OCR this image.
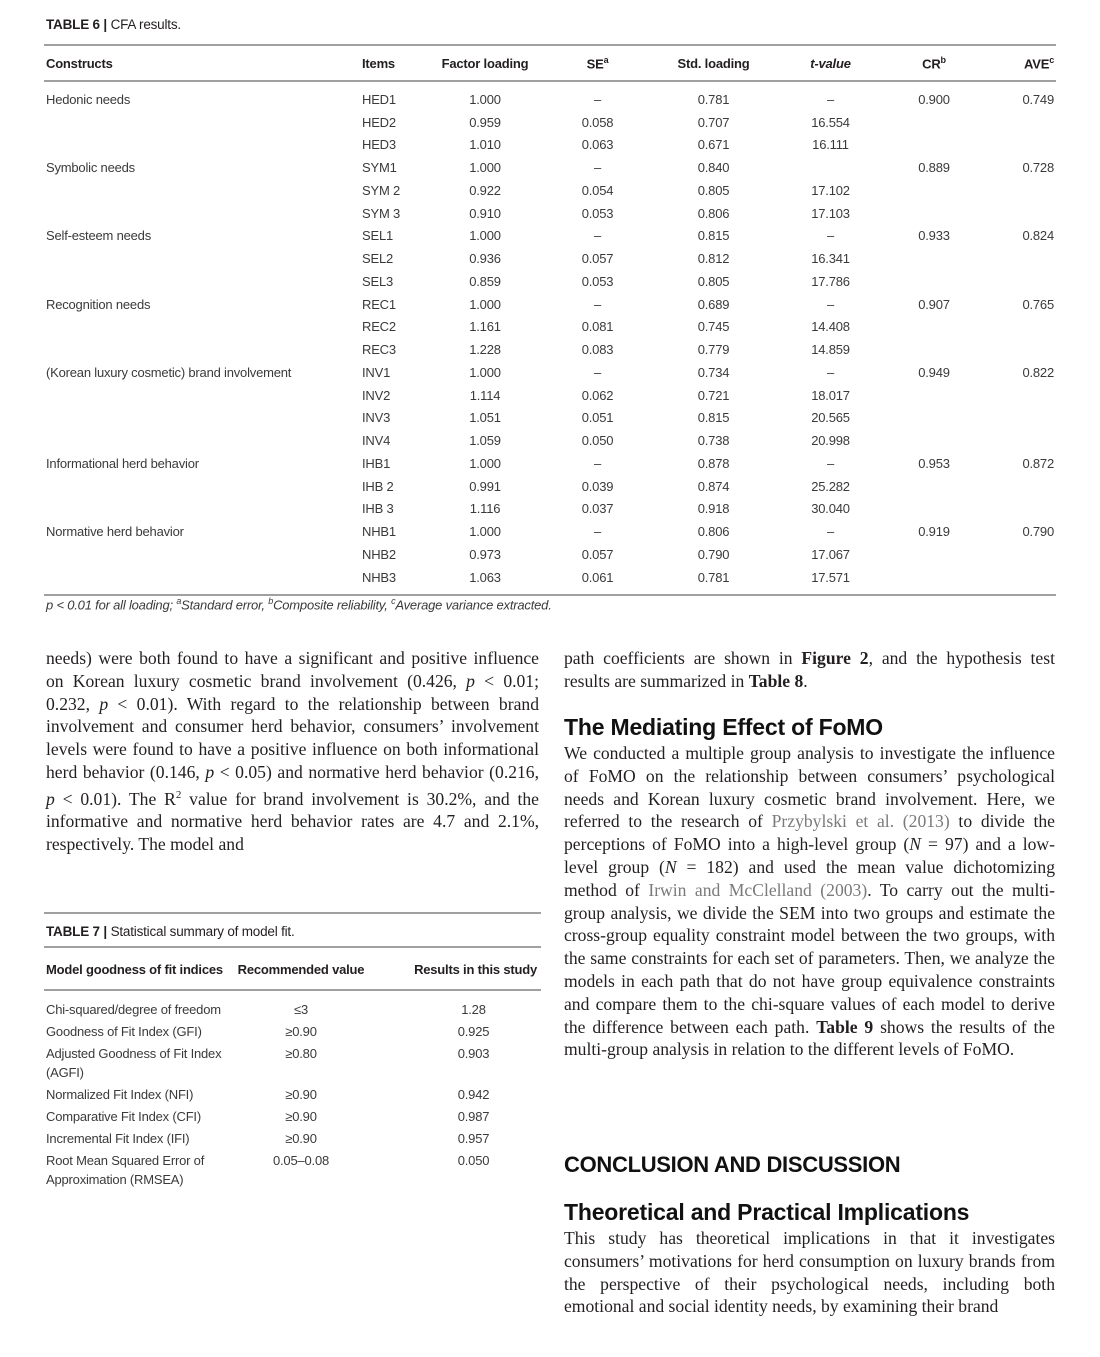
TABLE 6 | CFA results.
Constructs	Items	Factor loading	$SE^a$	Std. loading	t-value	$CR^b$	AVE$^c$
Hedonic needs	HED1	1.000	–	0.781	–	0.900	0.749
	HED2	0.959	0.058	0.707	16.554		
	HED3	1.010	0.063	0.671	16.111		
Symbolic needs	SYM1	1.000	–	0.840		0.889	0.728
	SYM 2	0.922	0.054	0.805	17.102		
	SYM 3	0.910	0.053	0.806	17.103		
Self-esteem needs	SEL1	1.000	–	0.815	–	0.933	0.824
	SEL2	0.936	0.057	0.812	16.341		
	SEL3	0.859	0.053	0.805	17.786		
Recognition needs	REC1	1.000	–	0.689	–	0.907	0.765
	REC2	1.161	0.081	0.745	14.408		
	REC3	1.228	0.083	0.779	14.859		
(Korean luxury cosmetic) brand involvement	INV1	1.000	–	0.734	–	0.949	0.822
	INV2	1.114	0.062	0.721	18.017		
	INV3	1.051	0.051	0.815	20.565		
	INV4	1.059	0.050	0.738	20.998		
Informational herd behavior	IHB1	1.000	–	0.878	–	0.953	0.872
	IHB 2	0.991	0.039	0.874	25.282		
	IHB 3	1.116	0.037	0.918	30.040		
Normative herd behavior	NHB1	1.000	–	0.806	–	0.919	0.790
	NHB2	0.973	0.057	0.790	17.067		
	NHB3	1.063	0.061	0.781	17.571		
p < 0.01 for all loading; $^a$Standard error, $^b$Composite reliability, $^c$Average variance extracted.
needs) were both found to have a significant and positive influence on Korean luxury cosmetic brand involvement (0.426, p < 0.01; 0.232, p < 0.01). With regard to the relationship between brand involvement and consumer herd behavior, consumers’ involvement levels were found to have a positive influence on both informational herd behavior (0.146, p < 0.05) and normative herd behavior (0.216, p < 0.01). The $R^2$ value for brand involvement is 30.2%, and the informative and normative herd behavior rates are 4.7 and 2.1%, respectively. The model and
TABLE 7 | Statistical summary of model fit.
Model goodness of fit indices	Recommended value	Results in this study
Chi-squared/degree of freedom	≤3	1.28
Goodness of Fit Index (GFI)	≥0.90	0.925
Adjusted Goodness of Fit Index (AGFI)	≥0.80	0.903
Normalized Fit Index (NFI)	≥0.90	0.942
Comparative Fit Index (CFI)	≥0.90	0.987
Incremental Fit Index (IFI)	≥0.90	0.957
Root Mean Squared Error of Approximation (RMSEA)	0.05–0.08	0.050
path coefficients are shown in Figure 2, and the hypothesis test results are summarized in Table 8.
The Mediating Effect of FoMO
We conducted a multiple group analysis to investigate the influence of FoMO on the relationship between consumers’ psychological needs and Korean luxury cosmetic brand involvement. Here, we referred to the research of Przybylski et al. (2013) to divide the perceptions of FoMO into a high-level group (N = 97) and a low-level group (N = 182) and used the mean value dichotomizing method of Irwin and McClelland (2003). To carry out the multi-group analysis, we divide the SEM into two groups and estimate the cross-group equality constraint model between the two groups, with the same constraints for each set of parameters. Then, we analyze the models in each path that do not have group equivalence constraints and compare them to the chi-square values of each model to derive the difference between each path. Table 9 shows the results of the multi-group analysis in relation to the different levels of FoMO.
CONCLUSION AND DISCUSSION
Theoretical and Practical Implications
This study has theoretical implications in that it investigates consumers’ motivations for herd consumption on luxury brands from the perspective of their psychological needs, including both emotional and social identity needs, by examining their brand
